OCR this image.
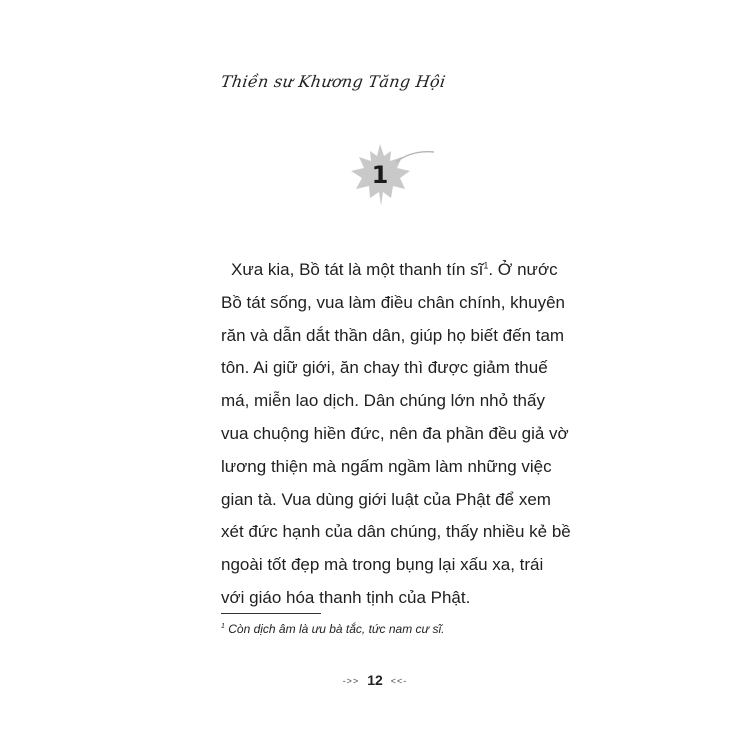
Thiền sư Khương Tăng Hội
1
Xưa kia, Bồ tát là một thanh tín $sĩ^1$. Ở nước
Bồ tát sống, vua làm điều chân chính, khuyên
răn và dẫn dắt thần dân, giúp họ biết đến tam
tôn. Ai giữ giới, ăn chay thì được giảm thuế
má, miễn lao dịch. Dân chúng lớn nhỏ thấy
vua chuộng hiền đức, nên đa phần đều giả vờ
lương thiện mà ngấm ngầm làm những việc
gian tà. Vua dùng giới luật của Phật để xem
xét đức hạnh của dân chúng, thấy nhiều kẻ bề
ngoài tốt đẹp mà trong bụng lại xấu xa, trái
với giáo hóa thanh tịnh của Phật.
$^1$ Còn dịch âm là ưu bà tắc, tức nam cư sĩ.
->> 12 <<-
